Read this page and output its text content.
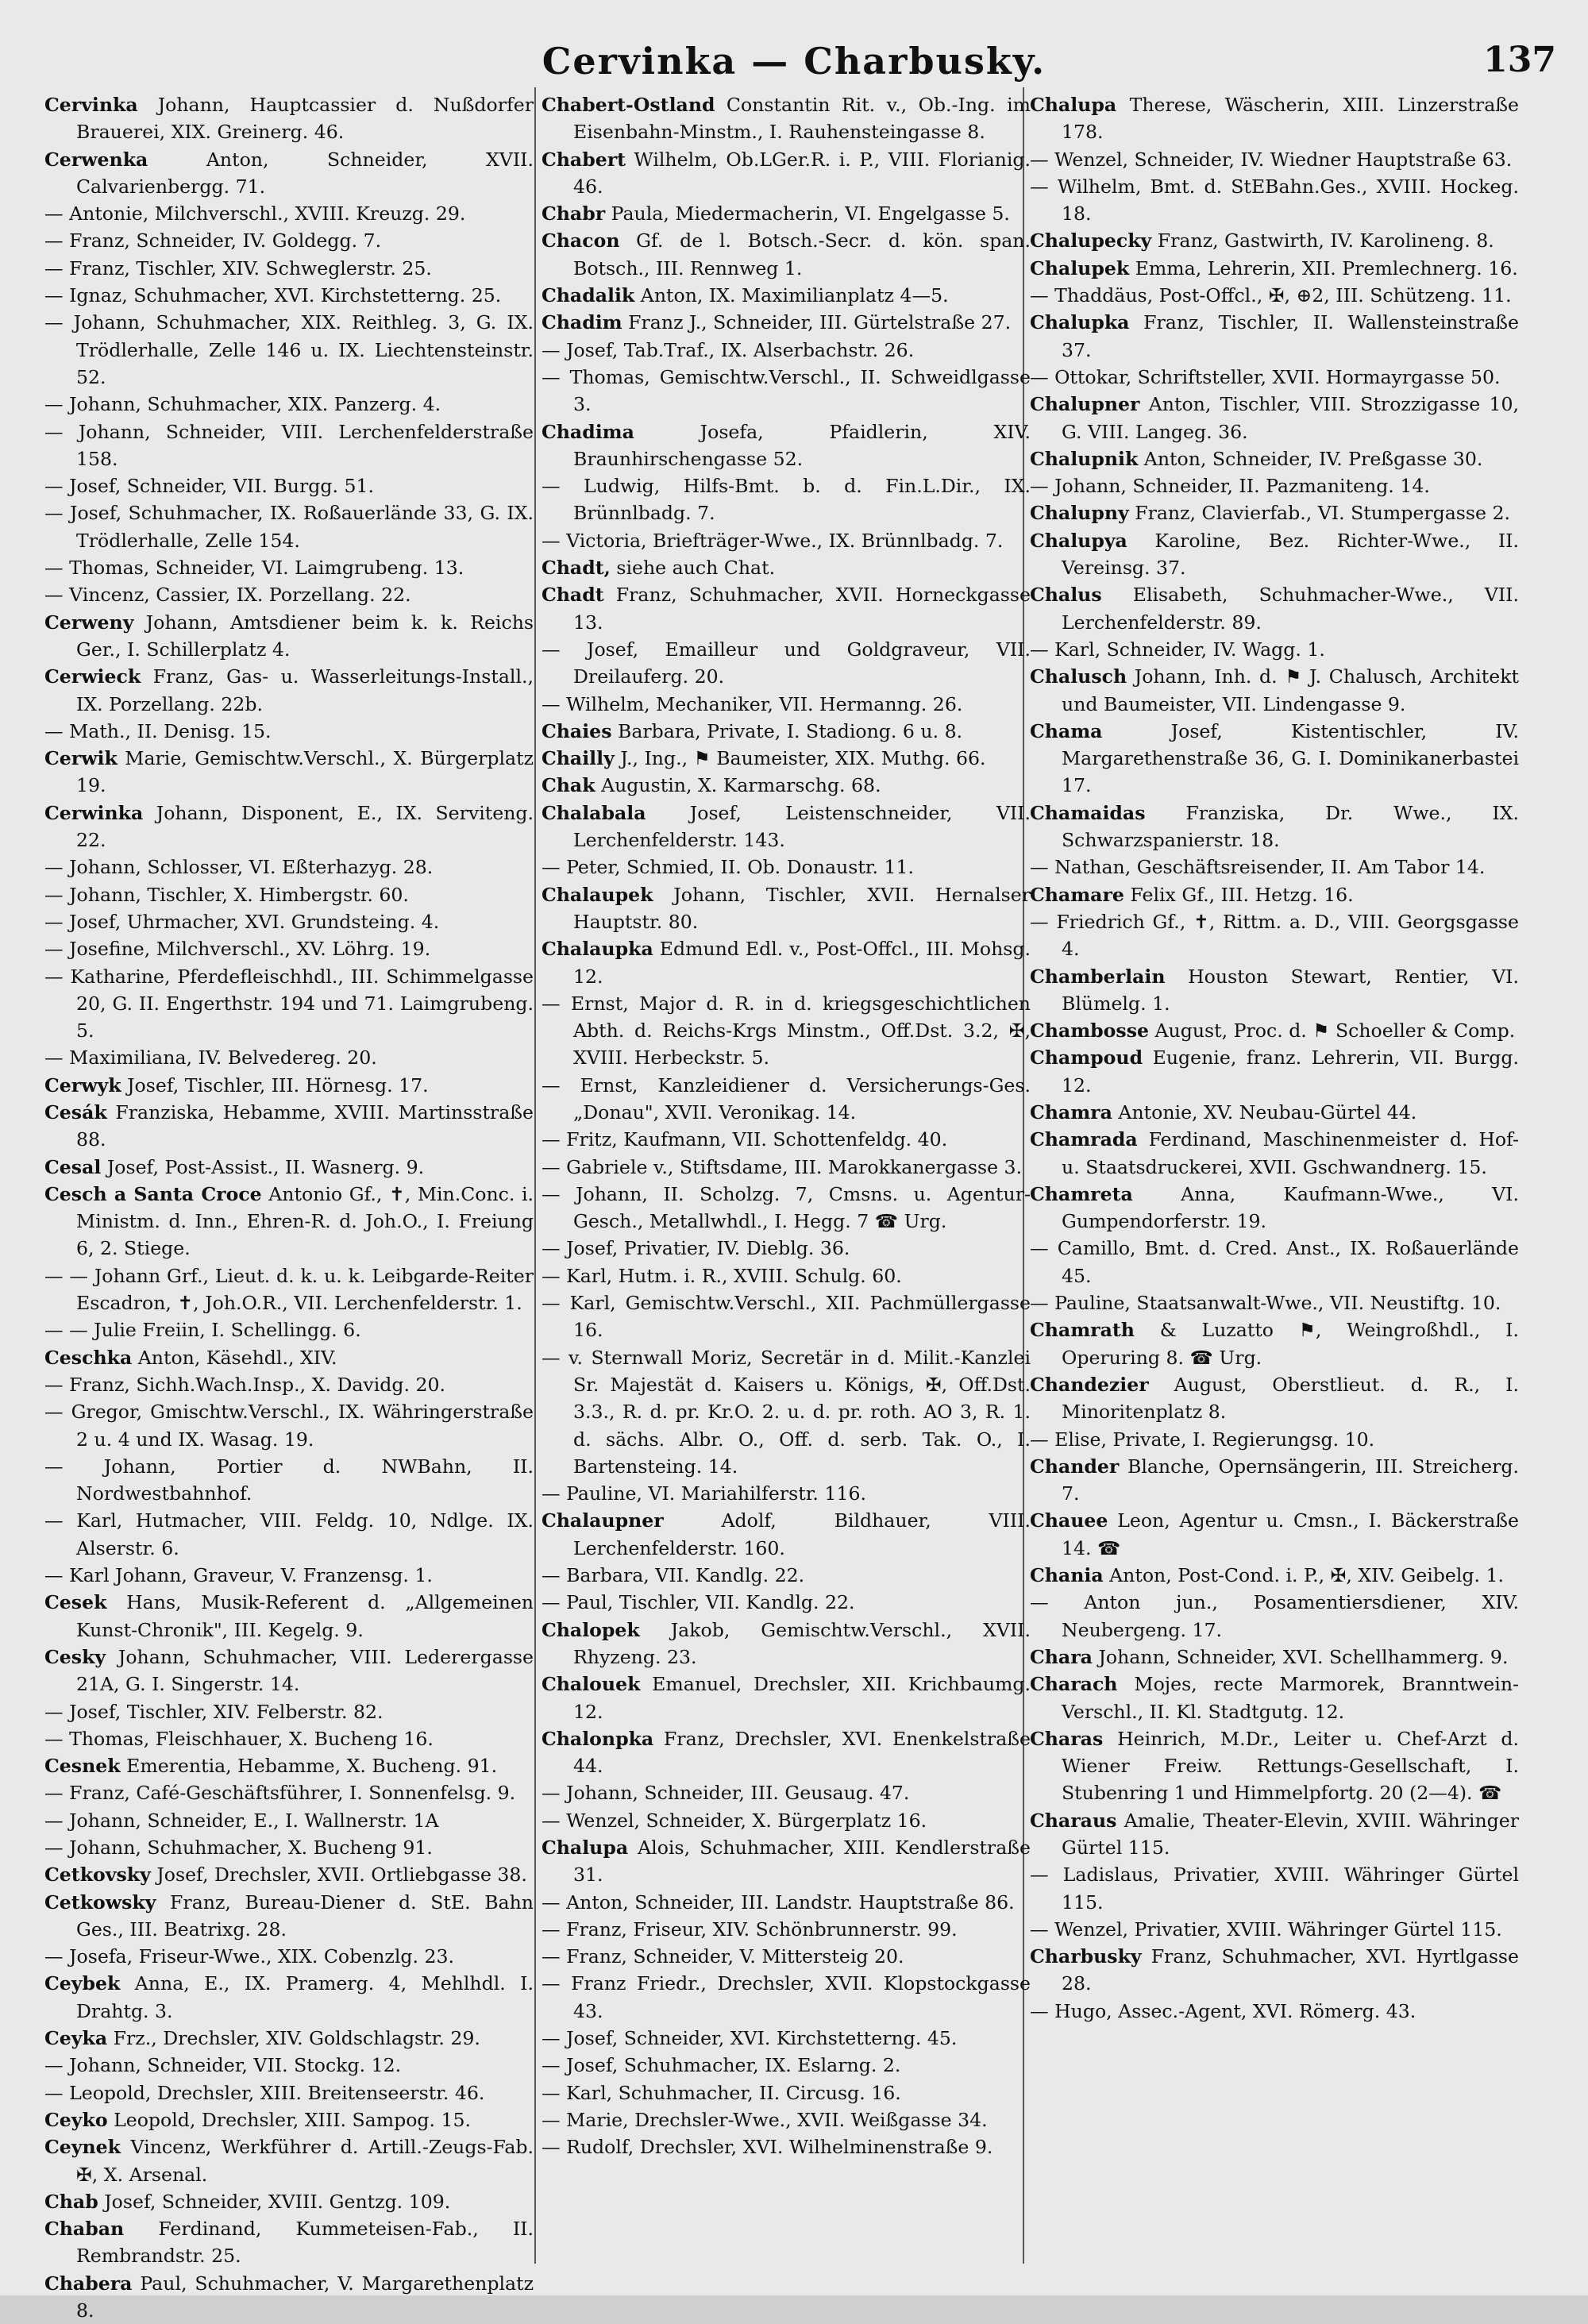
Cervinka — Charbusky.	137
Cervinka Johann, Hauptcassier d. Nußdorfer Brauerei, XIX. Greinerg. 46.
Cerwenka Anton, Schneider, XVII. Calvarienbergg. 71.
— Antonie, Milchverschl., XVIII. Kreuzg. 29.
— Franz, Schneider, IV. Goldegg. 7.
— Franz, Tischler, XIV. Schweglerstr. 25.
— Ignaz, Schuhmacher, XVI. Kirchstetterng. 25.
— Johann, Schuhmacher, XIX. Reithleg. 3, G. IX. Trödlerhalle, Zelle 146 u. IX. Liechtensteinstr. 52.
— Johann, Schuhmacher, XIX. Panzerg. 4.
— Johann, Schneider, VIII. Lerchenfelderstraße 158.
— Josef, Schneider, VII. Burgg. 51.
— Josef, Schuhmacher, IX. Roßauerlände 33, G. IX. Trödlerhalle, Zelle 154.
— Thomas, Schneider, VI. Laimgrubeng. 13.
— Vincenz, Cassier, IX. Porzellang. 22.
Cerweny Johann, Amtsdiener beim k. k. Reichs Ger., I. Schillerplatz 4.
Cerwieck Franz, Gas- u. Wasserleitungs-Install., IX. Porzellang. 22b.
— Math., II. Denisg. 15.
Cerwik Marie, Gemischtw.Verschl., X. Bürgerplatz 19.
Cerwinka Johann, Disponent, E., IX. Serviteng. 22.
— Johann, Schlosser, VI. Eßterhazyg. 28.
— Johann, Tischler, X. Himbergstr. 60.
— Josef, Uhrmacher, XVI. Grundsteing. 4.
— Josefine, Milchverschl., XV. Löhrg. 19.
— Katharine, Pferdefleischhdl., III. Schimmelgasse 20, G. II. Engerthstr. 194 und 71. Laimgrubeng. 5.
— Maximiliana, IV. Belvedereg. 20.
Cerwyk Josef, Tischler, III. Hörnesg. 17.
Cesák Franziska, Hebamme, XVIII. Martinsstraße 88.
Cesal Josef, Post-Assist., II. Wasnerg. 9.
Cesch a Santa Croce Antonio Gf., ✝, Min.Conc. i. Ministm. d. Inn., Ehren-R. d. Joh.O., I. Freiung 6, 2. Stiege.
— — Johann Grf., Lieut. d. k. u. k. Leibgarde-Reiter Escadron, ✝, Joh.O.R., VII. Lerchenfelderstr. 1.
— — Julie Freiin, I. Schellingg. 6.
Ceschka Anton, Käsehdl., XIV.
— Franz, Sichh.Wach.Insp., X. Davidg. 20.
— Gregor, Gmischtw.Verschl., IX. Währingerstraße 2 u. 4 und IX. Wasag. 19.
— Johann, Portier d. NWBahn, II. Nordwestbahnhof.
— Karl, Hutmacher, VIII. Feldg. 10, Ndlge. IX. Alserstr. 6.
— Karl Johann, Graveur, V. Franzensg. 1.
Cesek Hans, Musik-Referent d. „Allgemeinen Kunst-Chronik", III. Kegelg. 9.
Cesky Johann, Schuhmacher, VIII. Lederergasse 21A, G. I. Singerstr. 14.
— Josef, Tischler, XIV. Felberstr. 82.
— Thomas, Fleischhauer, X. Bucheng 16.
Cesnek Emerentia, Hebamme, X. Bucheng. 91.
— Franz, Café-Geschäftsführer, I. Sonnenfelsg. 9.
— Johann, Schneider, E., I. Wallnerstr. 1A
— Johann, Schuhmacher, X. Bucheng 91.
Cetkovsky Josef, Drechsler, XVII. Ortliebgasse 38.
Cetkowsky Franz, Bureau-Diener d. StE. Bahn Ges., III. Beatrixg. 28.
— Josefa, Friseur-Wwe., XIX. Cobenzlg. 23.
Ceybek Anna, E., IX. Pramerg. 4, Mehlhdl. I. Drahtg. 3.
Ceyka Frz., Drechsler, XIV. Goldschlagstr. 29.
— Johann, Schneider, VII. Stockg. 12.
— Leopold, Drechsler, XIII. Breitenseerstr. 46.
Ceyko Leopold, Drechsler, XIII. Sampog. 15.
Ceynek Vincenz, Werkführer d. Artill.-Zeugs-Fab. ✠, X. Arsenal.
Chab Josef, Schneider, XVIII. Gentzg. 109.
Chaban Ferdinand, Kummeteisen-Fab., II. Rembrandstr. 25.
Chabera Paul, Schuhmacher, V. Margarethenplatz 8.
Chabert-Ostland Constantin Rit. v., Ob.-Ing. im Eisenbahn-Minstm., I. Rauhensteingasse 8.
Chabert Wilhelm, Ob.LGer.R. i. P., VIII. Florianig. 46.
Chabr Paula, Miedermacherin, VI. Engelgasse 5.
Chacon Gf. de l. Botsch.-Secr. d. kön. span. Botsch., III. Rennweg 1.
Chadalik Anton, IX. Maximilianplatz 4—5.
Chadim Franz J., Schneider, III. Gürtelstraße 27.
— Josef, Tab.Traf., IX. Alserbachstr. 26.
— Thomas, Gemischtw.Verschl., II. Schweidlgasse 3.
Chadima Josefa, Pfaidlerin, XIV. Braunhirschengasse 52.
— Ludwig, Hilfs-Bmt. b. d. Fin.L.Dir., IX. Brünnlbadg. 7.
— Victoria, Briefträger-Wwe., IX. Brünnlbadg. 7.
Chadt, siehe auch Chat.
Chadt Franz, Schuhmacher, XVII. Horneckgasse 13.
— Josef, Emailleur und Goldgraveur, VII. Dreilauferg. 20.
— Wilhelm, Mechaniker, VII. Hermanng. 26.
Chaies Barbara, Private, I. Stadiong. 6 u. 8.
Chailly J., Ing., ⚑ Baumeister, XIX. Muthg. 66.
Chak Augustin, X. Karmarschg. 68.
Chalabala Josef, Leistenschneider, VII. Lerchenfelderstr. 143.
— Peter, Schmied, II. Ob. Donaustr. 11.
Chalaupek Johann, Tischler, XVII. Hernalser Hauptstr. 80.
Chalaupka Edmund Edl. v., Post-Offcl., III. Mohsg. 12.
— Ernst, Major d. R. in d. kriegsgeschichtlichen Abth. d. Reichs-Krgs Minstm., Off.Dst. 3.2, ✠, XVIII. Herbeckstr. 5.
— Ernst, Kanzleidiener d. Versicherungs-Ges. „Donau", XVII. Veronikag. 14.
— Fritz, Kaufmann, VII. Schottenfeldg. 40.
— Gabriele v., Stiftsdame, III. Marokkanergasse 3.
— Johann, II. Scholzg. 7, Cmsns. u. Agentur-Gesch., Metallwhdl., I. Hegg. 7 ☎ Urg.
— Josef, Privatier, IV. Dieblg. 36.
— Karl, Hutm. i. R., XVIII. Schulg. 60.
— Karl, Gemischtw.Verschl., XII. Pachmüllergasse 16.
— v. Sternwall Moriz, Secretär in d. Milit.-Kanzlei Sr. Majestät d. Kaisers u. Königs, ✠, Off.Dst. 3.3., R. d. pr. Kr.O. 2. u. d. pr. roth. AO 3, R. 1. d. sächs. Albr. O., Off. d. serb. Tak. O., I. Bartensteing. 14.
— Pauline, VI. Mariahilferstr. 116.
Chalaupner Adolf, Bildhauer, VIII. Lerchenfelderstr. 160.
— Barbara, VII. Kandlg. 22.
— Paul, Tischler, VII. Kandlg. 22.
Chalopek Jakob, Gemischtw.Verschl., XVII. Rhyzeng. 23.
Chalouek Emanuel, Drechsler, XII. Krichbaumg. 12.
Chalonpka Franz, Drechsler, XVI. Enenkelstraße 44.
— Johann, Schneider, III. Geusaug. 47.
— Wenzel, Schneider, X. Bürgerplatz 16.
Chalupa Alois, Schuhmacher, XIII. Kendlerstraße 31.
— Anton, Schneider, III. Landstr. Hauptstraße 86.
— Franz, Friseur, XIV. Schönbrunnerstr. 99.
— Franz, Schneider, V. Mittersteig 20.
— Franz Friedr., Drechsler, XVII. Klopstockgasse 43.
— Josef, Schneider, XVI. Kirchstetterng. 45.
— Josef, Schuhmacher, IX. Eslarng. 2.
— Karl, Schuhmacher, II. Circusg. 16.
— Marie, Drechsler-Wwe., XVII. Weißgasse 34.
— Rudolf, Drechsler, XVI. Wilhelminenstraße 9.
Chalupa Therese, Wäscherin, XIII. Linzerstraße 178.
— Wenzel, Schneider, IV. Wiedner Hauptstraße 63.
— Wilhelm, Bmt. d. StEBahn.Ges., XVIII. Hockeg. 18.
Chalupecky Franz, Gastwirth, IV. Karolineng. 8.
Chalupek Emma, Lehrerin, XII. Premlechnerg. 16.
— Thaddäus, Post-Offcl., ✠, ⊕2, III. Schützeng. 11.
Chalupka Franz, Tischler, II. Wallensteinstraße 37.
— Ottokar, Schriftsteller, XVII. Hormayrgasse 50.
Chalupner Anton, Tischler, VIII. Strozzigasse 10, G. VIII. Langeg. 36.
Chalupnik Anton, Schneider, IV. Preßgasse 30.
— Johann, Schneider, II. Pazmaniteng. 14.
Chalupny Franz, Clavierfab., VI. Stumpergasse 2.
Chalupya Karoline, Bez. Richter-Wwe., II. Vereinsg. 37.
Chalus Elisabeth, Schuhmacher-Wwe., VII. Lerchenfelderstr. 89.
— Karl, Schneider, IV. Wagg. 1.
Chalusch Johann, Inh. d. ⚑ J. Chalusch, Architekt und Baumeister, VII. Lindengasse 9.
Chama Josef, Kistentischler, IV. Margarethenstraße 36, G. I. Dominikanerbastei 17.
Chamaidas Franziska, Dr. Wwe., IX. Schwarzspanierstr. 18.
— Nathan, Geschäftsreisender, II. Am Tabor 14.
Chamare Felix Gf., III. Hetzg. 16.
— Friedrich Gf., ✝, Rittm. a. D., VIII. Georgsgasse 4.
Chamberlain Houston Stewart, Rentier, VI. Blümelg. 1.
Chambosse August, Proc. d. ⚑ Schoeller & Comp.
Champoud Eugenie, franz. Lehrerin, VII. Burgg. 12.
Chamra Antonie, XV. Neubau-Gürtel 44.
Chamrada Ferdinand, Maschinenmeister d. Hof- u. Staatsdruckerei, XVII. Gschwandnerg. 15.
Chamreta Anna, Kaufmann-Wwe., VI. Gumpendorferstr. 19.
— Camillo, Bmt. d. Cred. Anst., IX. Roßauerlände 45.
— Pauline, Staatsanwalt-Wwe., VII. Neustiftg. 10.
Chamrath & Luzatto ⚑, Weingroßhdl., I. Operuring 8. ☎ Urg.
Chandezier August, Oberstlieut. d. R., I. Minoritenplatz 8.
— Elise, Private, I. Regierungsg. 10.
Chander Blanche, Opernsängerin, III. Streicherg. 7.
Chauee Leon, Agentur u. Cmsn., I. Bäckerstraße 14. ☎
Chania Anton, Post-Cond. i. P., ✠, XIV. Geibelg. 1.
— Anton jun., Posamentiersdiener, XIV. Neubergeng. 17.
Chara Johann, Schneider, XVI. Schellhammerg. 9.
Charach Mojes, recte Marmorek, Branntwein-Verschl., II. Kl. Stadtgutg. 12.
Charas Heinrich, M.Dr., Leiter u. Chef-Arzt d. Wiener Freiw. Rettungs-Gesellschaft, I. Stubenring 1 und Himmelpfortg. 20 (2—4). ☎
Charaus Amalie, Theater-Elevin, XVIII. Währinger Gürtel 115.
— Ladislaus, Privatier, XVIII. Währinger Gürtel 115.
— Wenzel, Privatier, XVIII. Währinger Gürtel 115.
Charbusky Franz, Schuhmacher, XVI. Hyrtlgasse 28.
— Hugo, Assec.-Agent, XVI. Römerg. 43.
